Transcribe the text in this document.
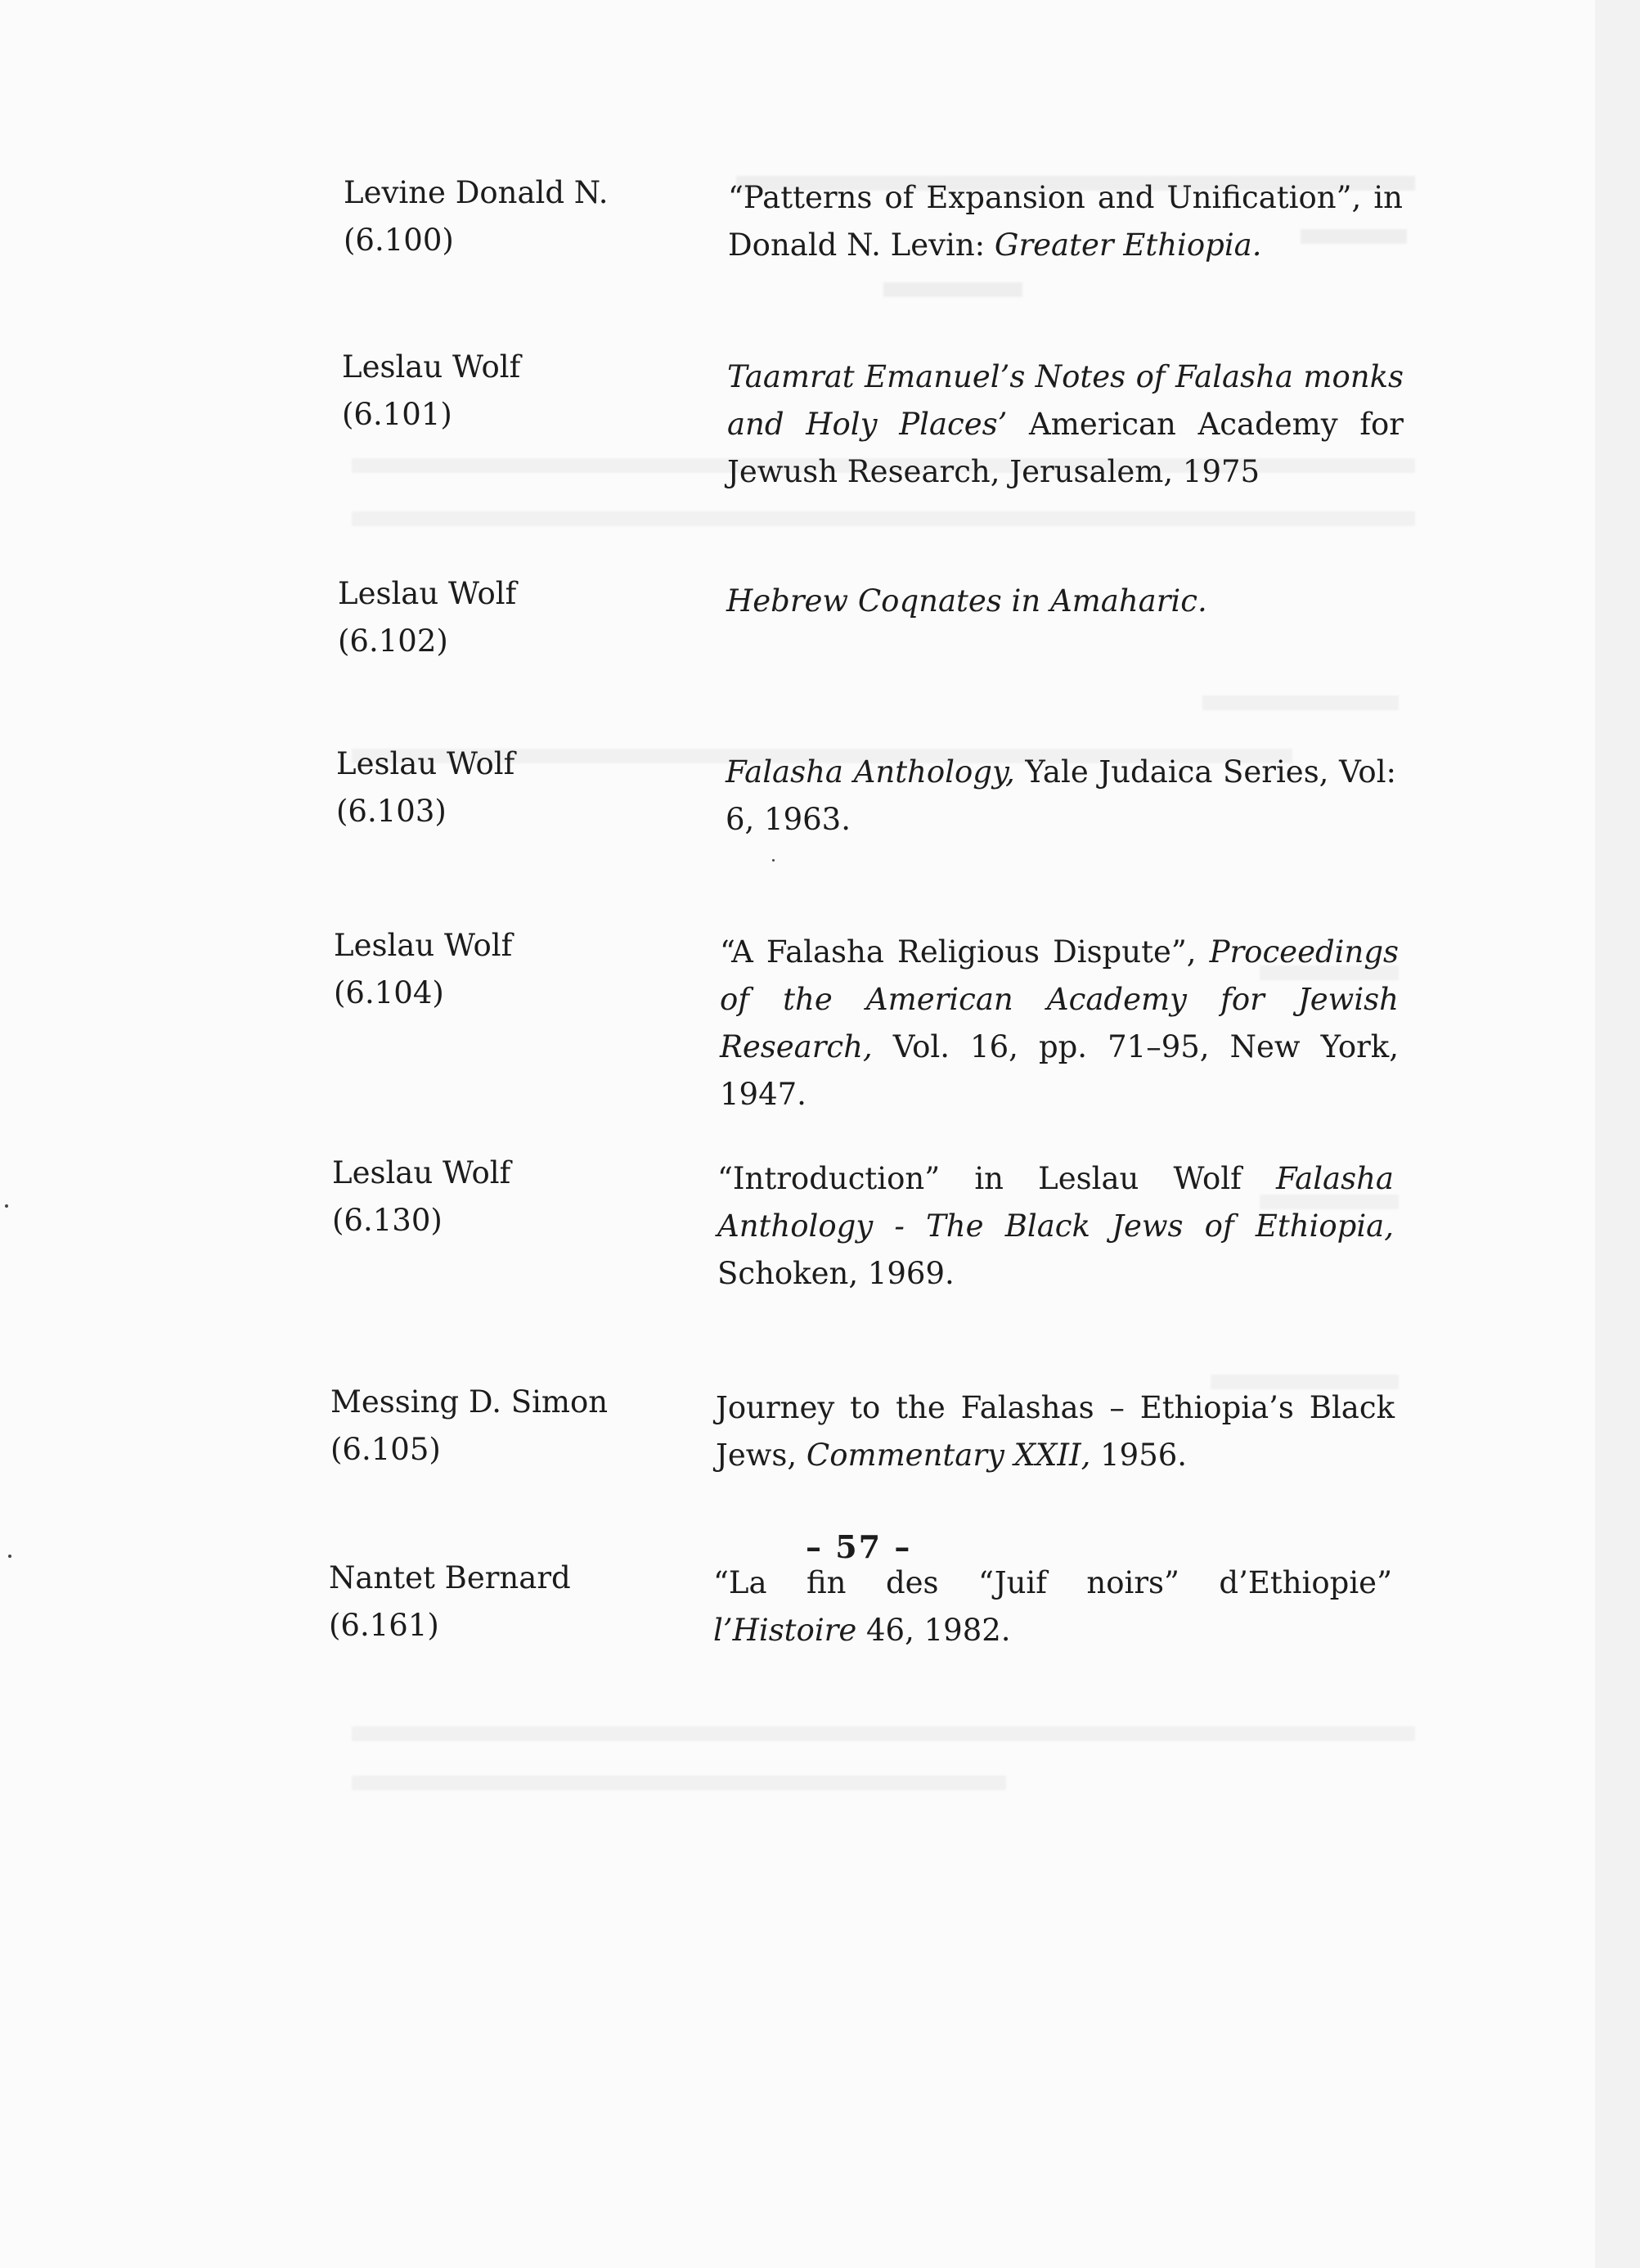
Levine Donald N.
(6.100)
“Patterns of Expansion and Unification”, in Donald N. Levin: Greater Ethiopia.
Leslau Wolf
(6.101)
Taamrat Emanuel’s Notes of Falasha monks and Holy Places’ American Academy for Jewush Research, Jerusalem, 1975
Leslau Wolf
(6.102)
Hebrew Coqnates in Amaharic.
Leslau Wolf
(6.103)
Falasha Anthology, Yale Judaica Series, Vol: 6, 1963.
Leslau Wolf
(6.104)
“A Falasha Religious Dispute”, Proceedings of the American Academy for Jewish Research, Vol. 16, pp. 71–95, New York, 1947.
Leslau Wolf
(6.130)
“Introduction” in Leslau Wolf Falasha Anthology - The Black Jews of Ethiopia, Schoken, 1969.
Messing D. Simon
(6.105)
Journey to the Falashas – Ethiopia’s Black Jews, Commentary XXII, 1956.
Nantet Bernard
(6.161)
“La fin des “Juif noirs” d’Ethiopie” l’Histoire 46, 1982.
– 57 –
